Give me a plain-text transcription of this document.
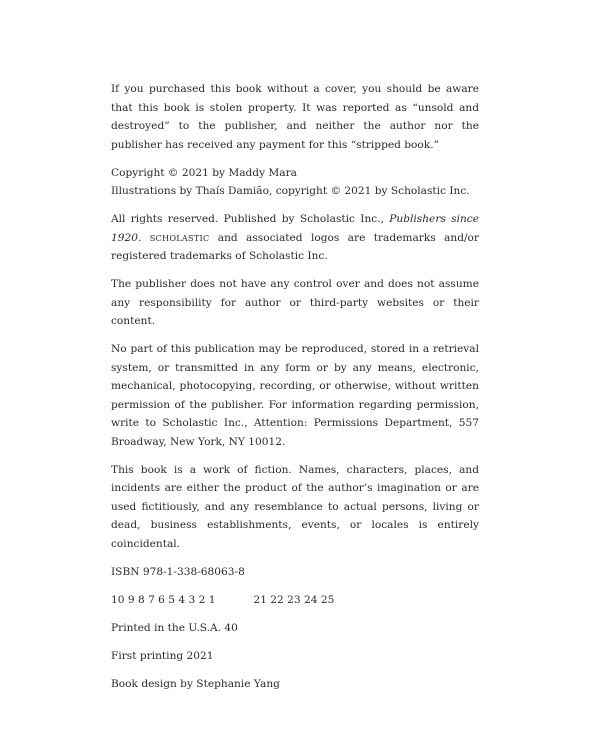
If you purchased this book without a cover, you should be aware that this book is stolen property. It was reported as “unsold and destroyed” to the publisher, and neither the author nor the publisher has received any payment for this “stripped book.”

Copyright © 2021 by Maddy Mara
Illustrations by Thaís Damião, copyright © 2021 by Scholastic Inc.

All rights reserved. Published by Scholastic Inc., Publishers since 1920. SCHOLASTIC and associated logos are trademarks and/or registered trademarks of Scholastic Inc.

The publisher does not have any control over and does not assume any responsibility for author or third-party websites or their content.

No part of this publication may be reproduced, stored in a retrieval system, or transmitted in any form or by any means, electronic, mechanical, photocopying, recording, or otherwise, without written permission of the publisher. For information regarding permission, write to Scholastic Inc., Attention: Permissions Department, 557 Broadway, New York, NY 10012.

This book is a work of fiction. Names, characters, places, and incidents are either the product of the author’s imagination or are used fictitiously, and any resemblance to actual persons, living or dead, business establishments, events, or locales is entirely coincidental.

ISBN 978-1-338-68063-8

10 9 8 7 6 5 4 3 2 1	21 22 23 24 25

Printed in the U.S.A. 40

First printing 2021

Book design by Stephanie Yang
